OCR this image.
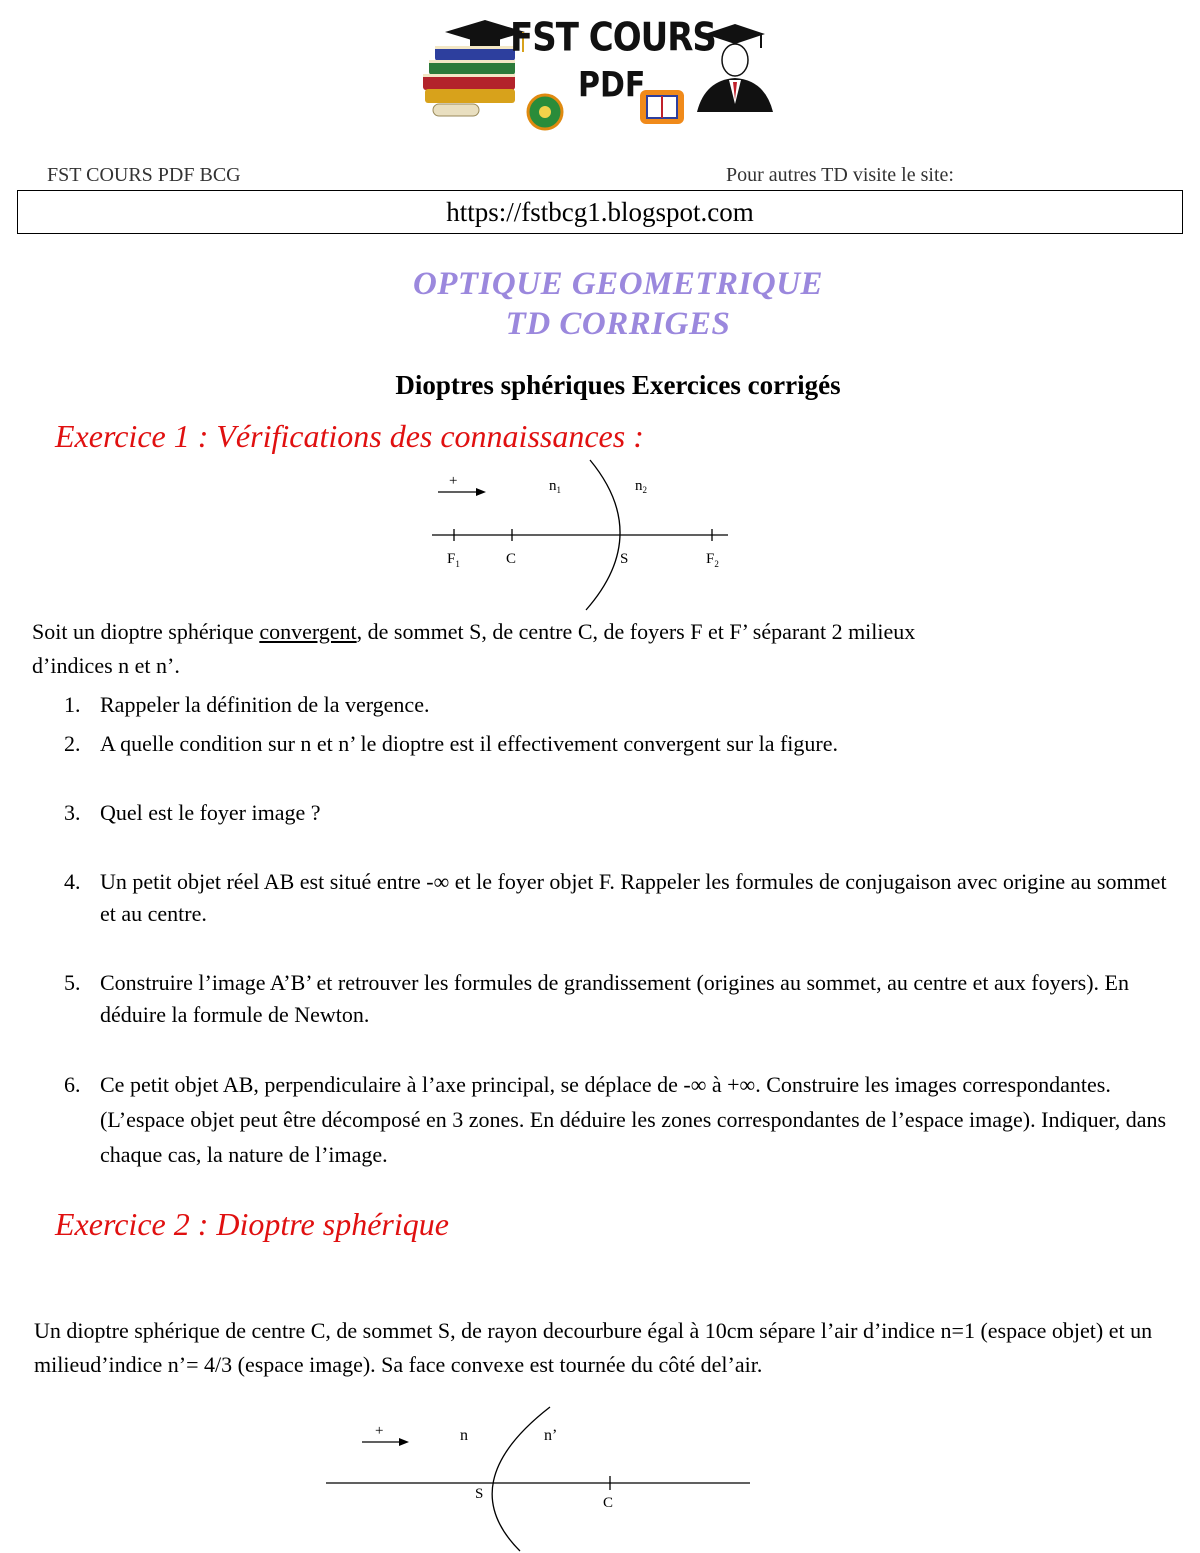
FST COURS
PDF
FST COURS PDF BCG	Pour autres TD visite le site:
https://fstbcg1.blogspot.com
OPTIQUE GEOMETRIQUE
TD CORRIGES
Dioptres sphériques Exercices corrigés
Exercice 1 : Vérifications des connaissances :
+	$n_1$	$n_2$
$F_1$	C	S	$F_2$
Soit un dioptre sphérique convergent, de sommet S, de centre C, de foyers F et F’ séparant 2 milieux
d’indices n et n’.
1. Rappeler la définition de la vergence.
2. A quelle condition sur n et n’ le dioptre est il effectivement convergent sur la figure.
3. Quel est le foyer image ?
4. Un petit objet réel AB est situé entre -∞ et le foyer objet F. Rappeler les formules de conjugaison avec origine au sommet et au centre.
5. Construire l’image A’B’ et retrouver les formules de grandissement (origines au sommet, au centre et aux foyers). En déduire la formule de Newton.
6. Ce petit objet AB, perpendiculaire à l’axe principal, se déplace de -∞ à +∞. Construire les images correspondantes. (L’espace objet peut être décomposé en 3 zones. En déduire les zones correspondantes de l’espace image). Indiquer, dans chaque cas, la nature de l’image.
Exercice 2 : Dioptre sphérique
Un dioptre sphérique de centre C, de sommet S, de rayon decourbure égal à 10cm sépare l’air d’indice n=1 (espace objet) et un milieud’indice n’= 4/3 (espace image). Sa face convexe est tournée du côté del’air.
+	n	n’
S
C
